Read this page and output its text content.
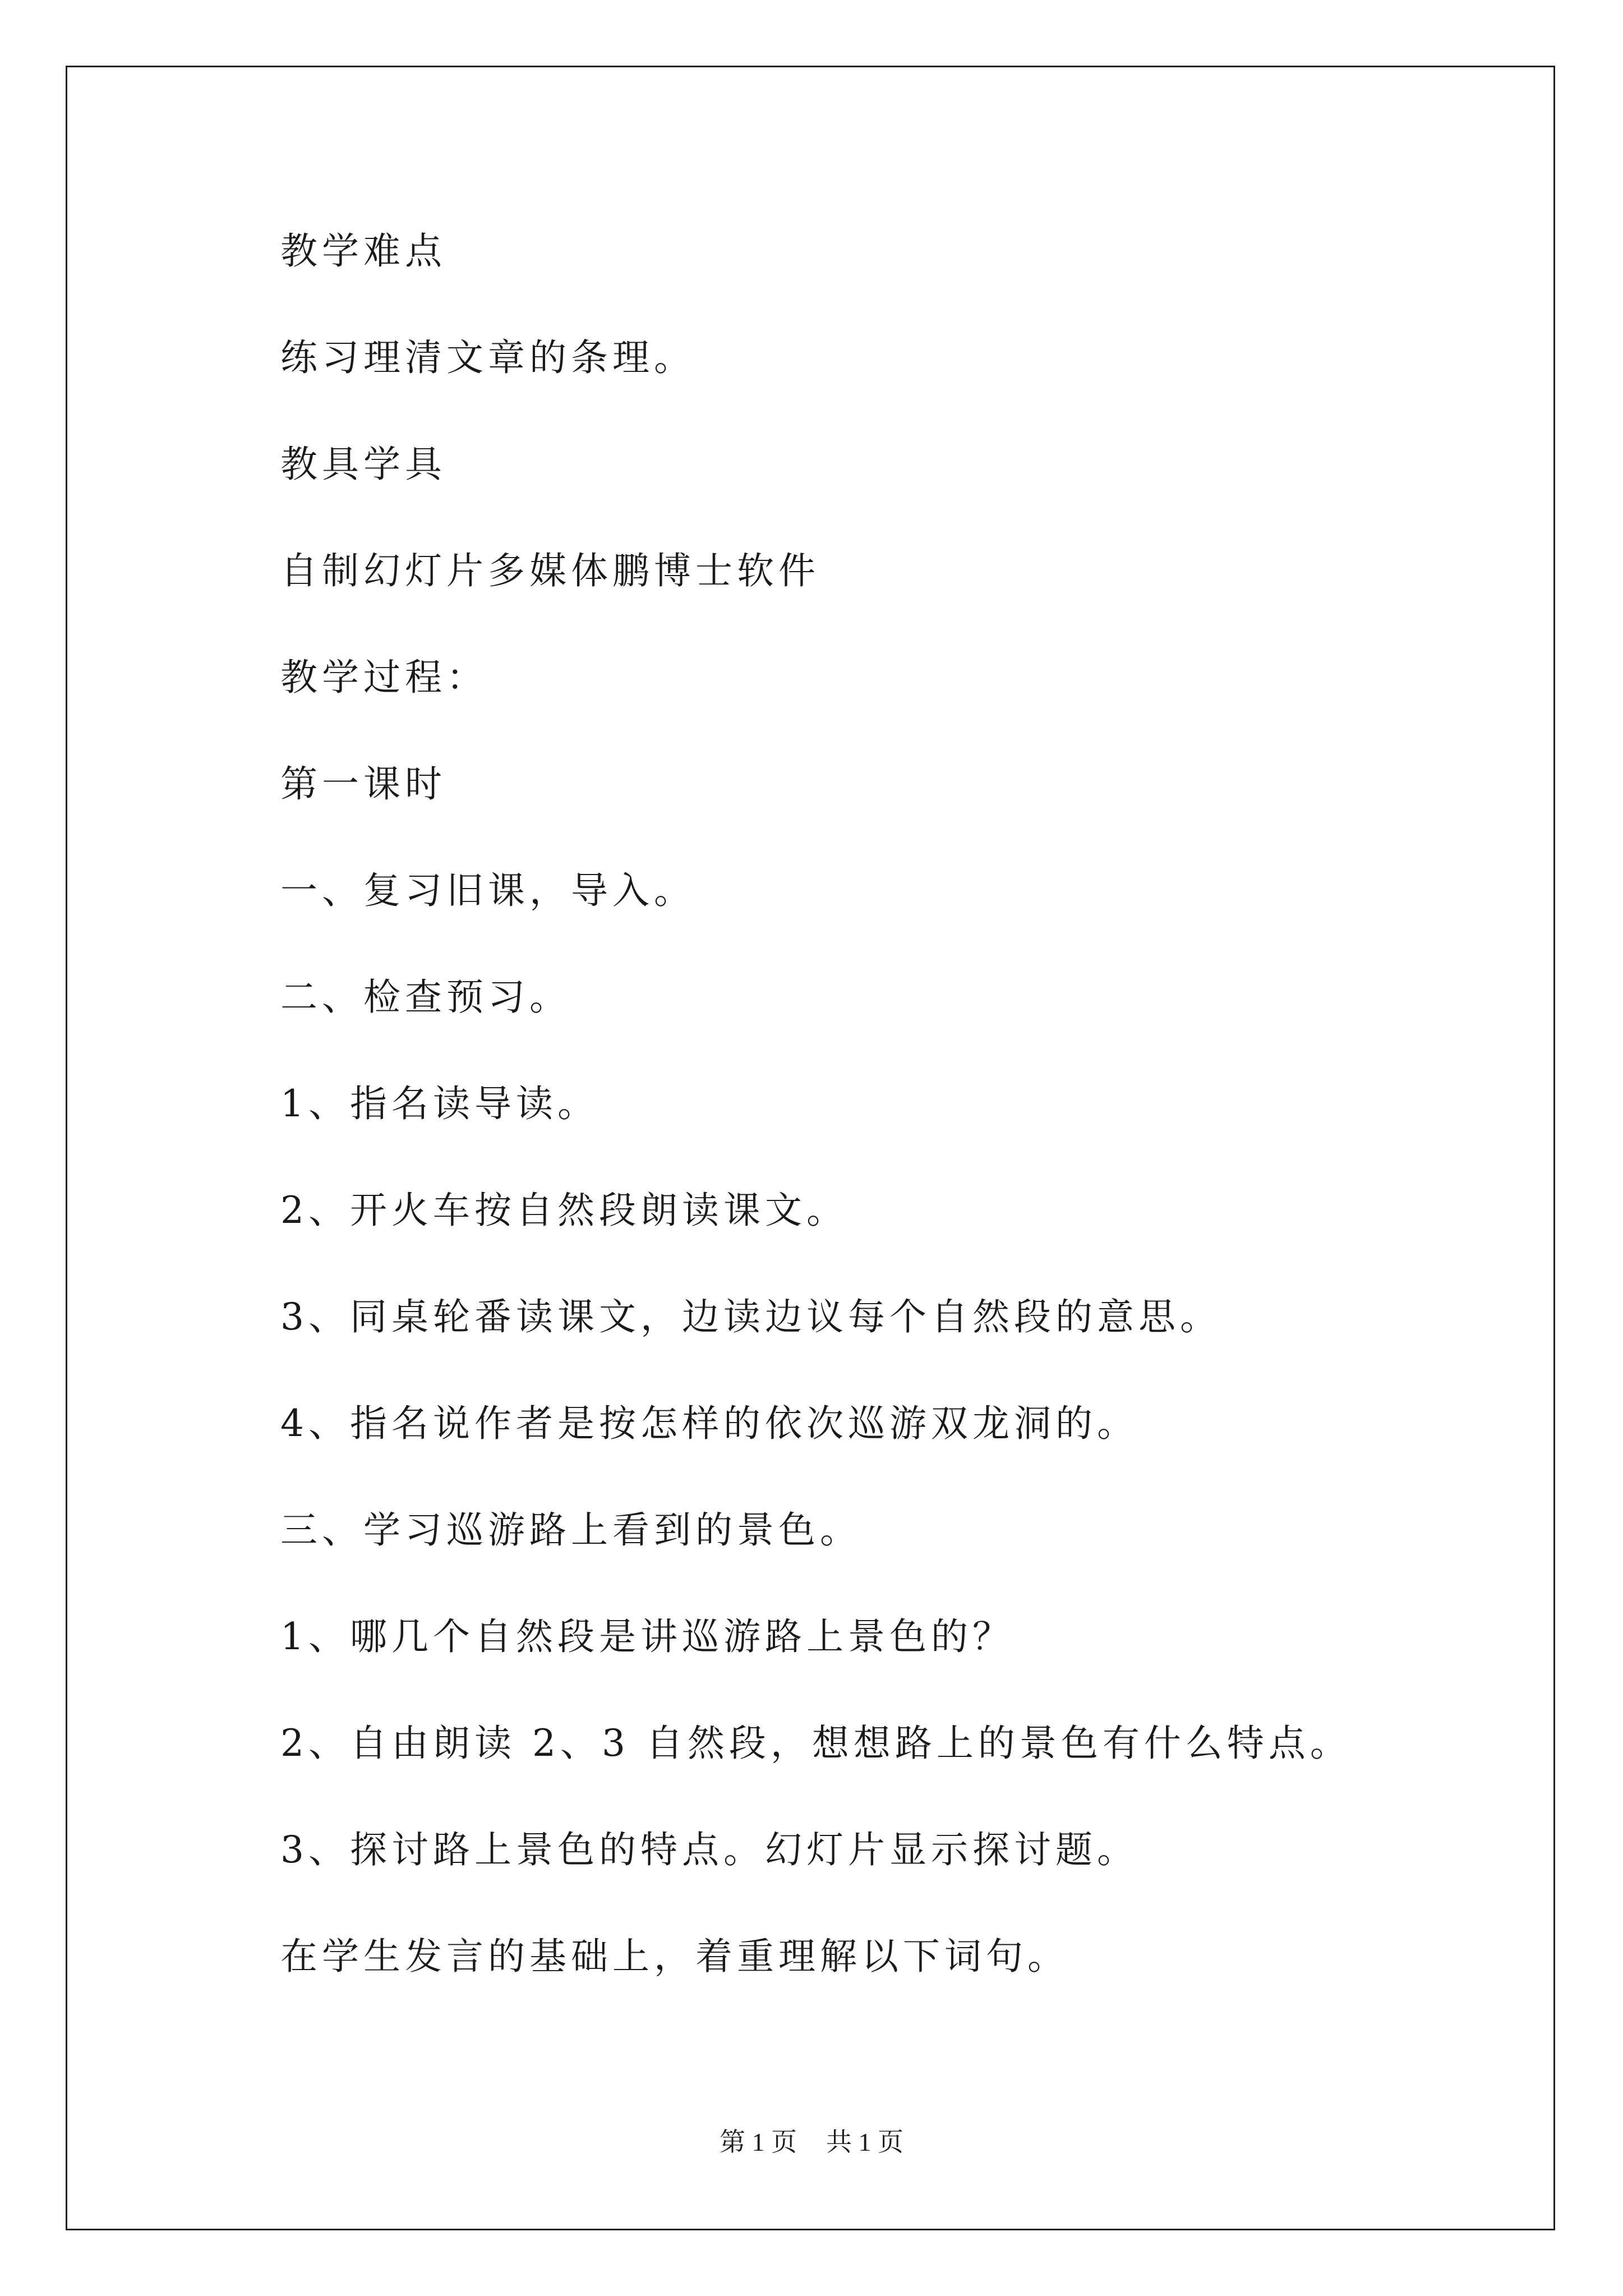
教学难点
练习理清文章的条理。
教具学具
自制幻灯片多媒体鹏博士软件
教学过程：
第一课时
一、复习旧课，导入。
二、检查预习。
1、指名读导读。
2、开火车按自然段朗读课文。
3、同桌轮番读课文，边读边议每个自然段的意思。
4、指名说作者是按怎样的依次巡游双龙洞的。
三、学习巡游路上看到的景色。
1、哪几个自然段是讲巡游路上景色的？
2、自由朗读 2、3 自然段，想想路上的景色有什么特点。
3、探讨路上景色的特点。幻灯片显示探讨题。
在学生发言的基础上，着重理解以下词句。
第 1 页 共 1 页
